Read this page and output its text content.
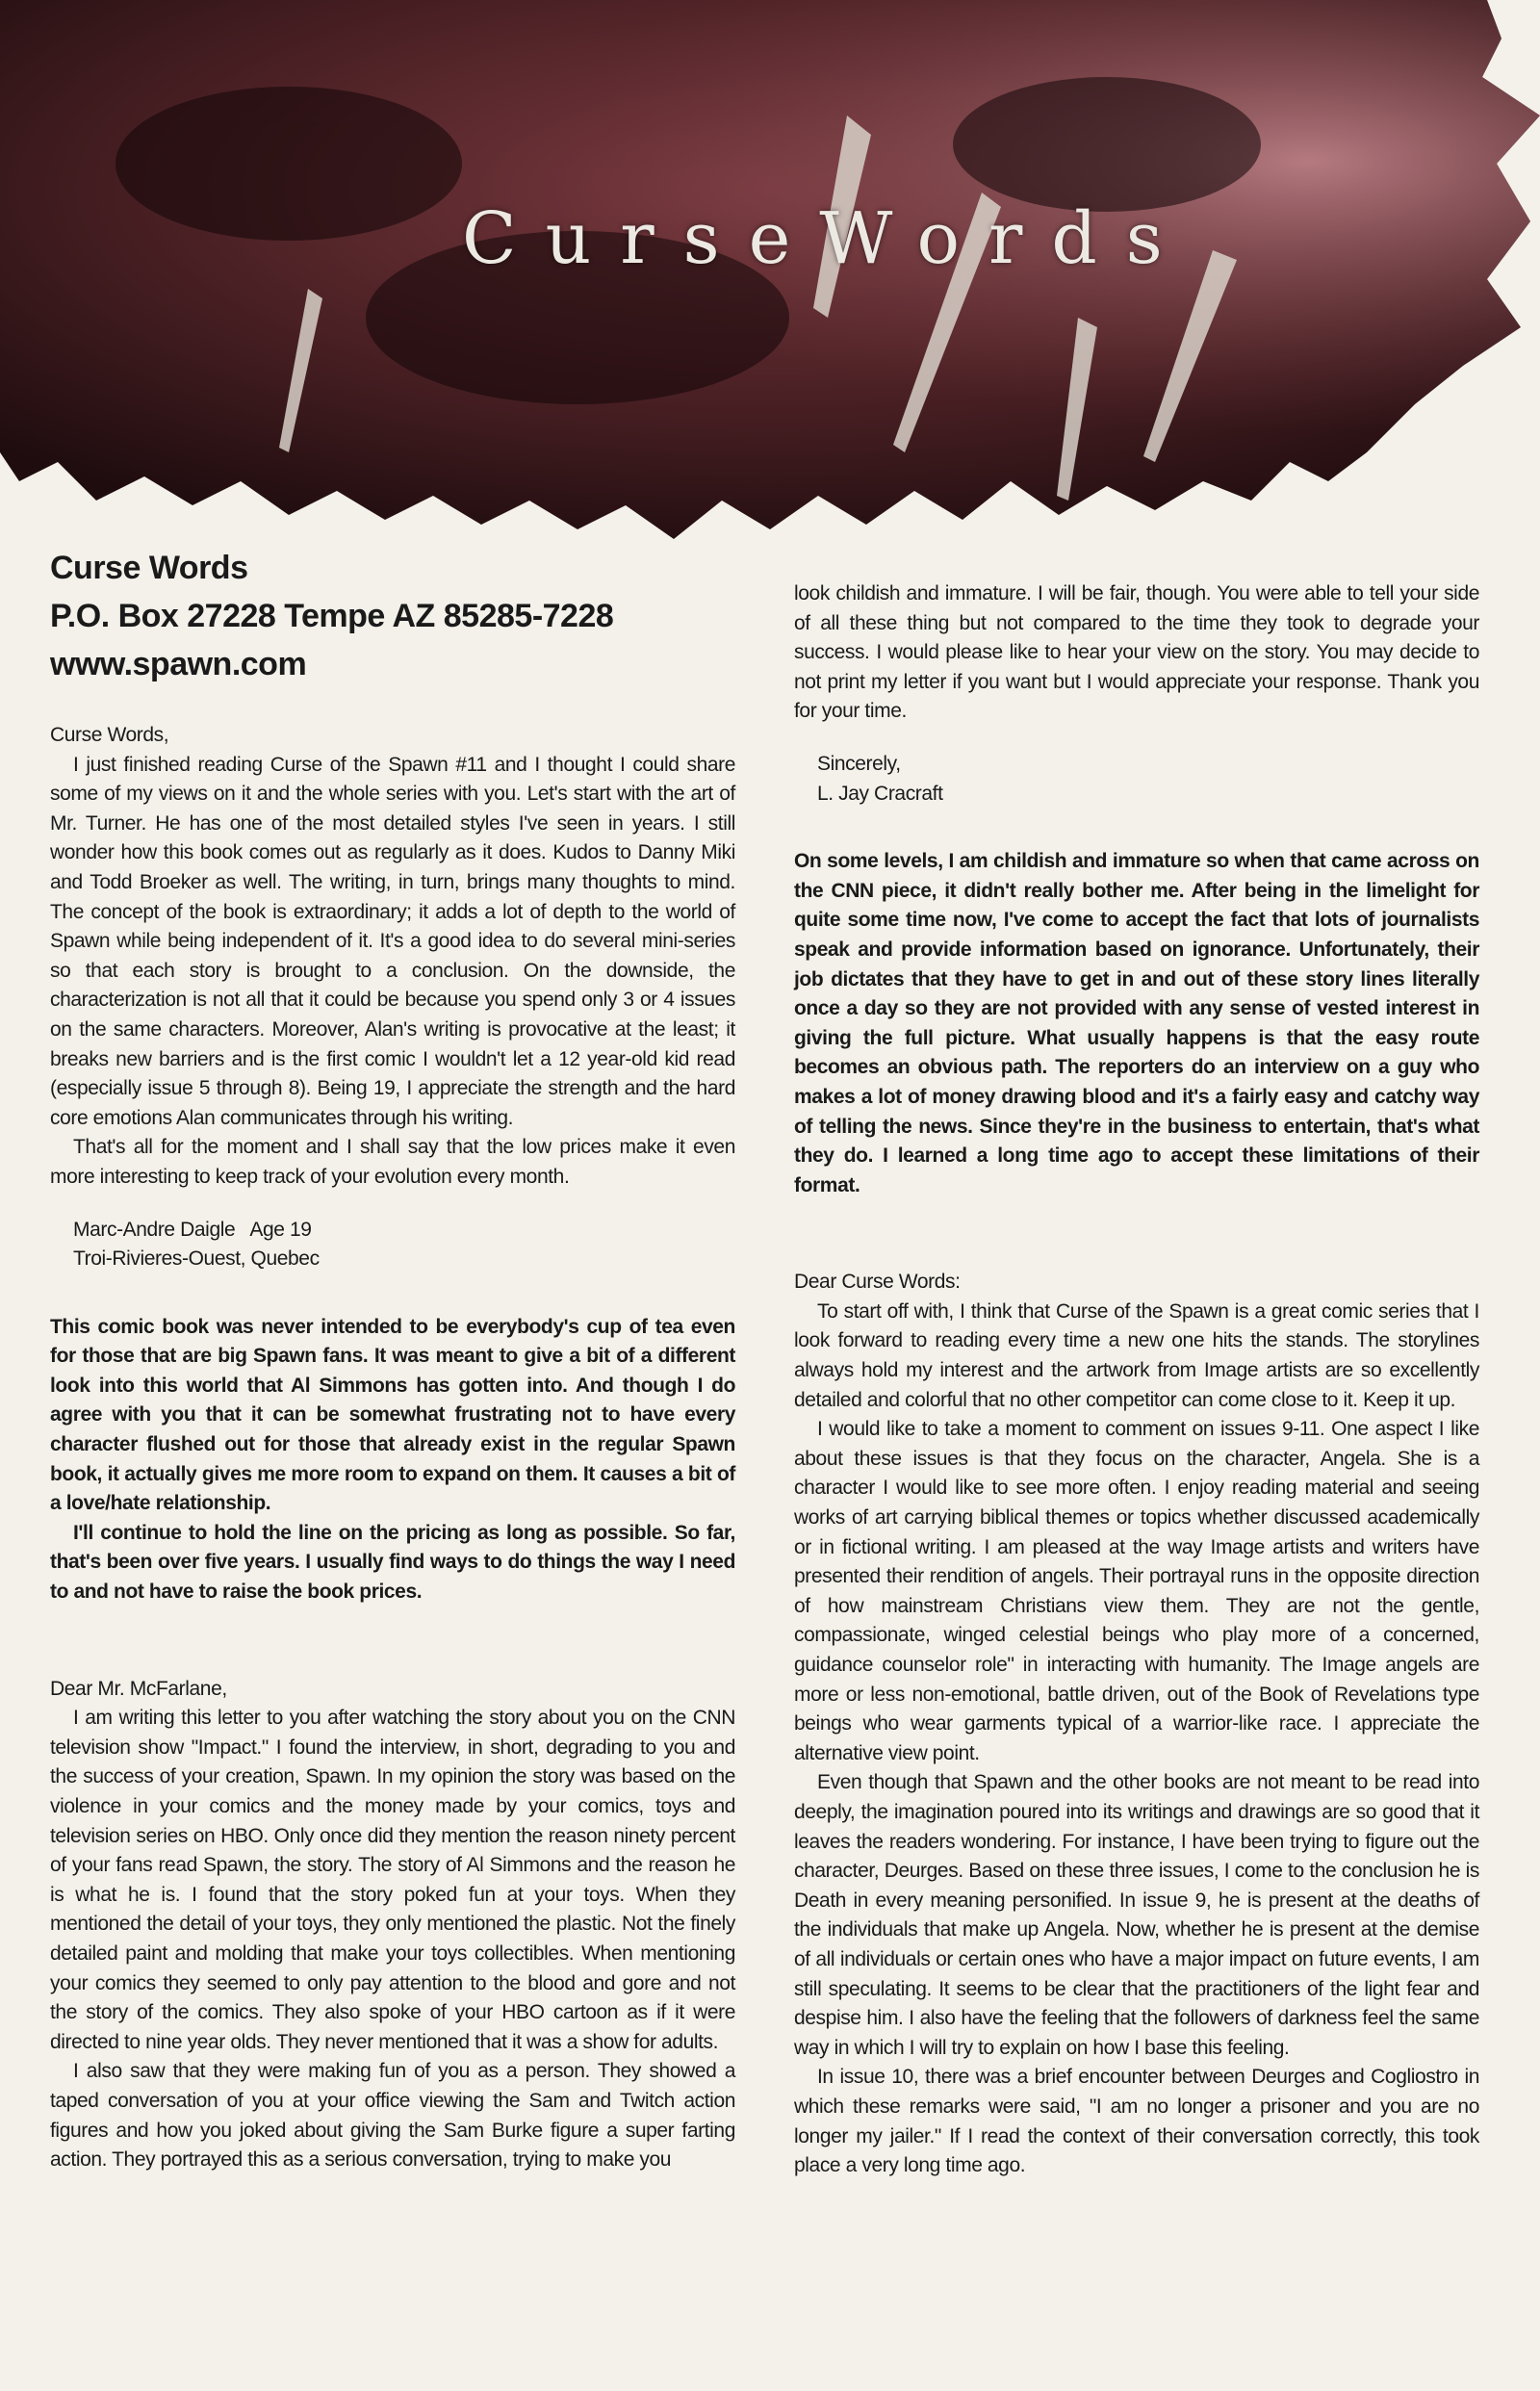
CurseWords
Curse Words
P.O. Box 27228 Tempe AZ 85285-7228
www.spawn.com

Curse Words,

I just finished reading Curse of the Spawn #11 and I thought I could share some of my views on it and the whole series with you. Let's start with the art of Mr. Turner. He has one of the most detailed styles I've seen in years. I still wonder how this book comes out as regularly as it does. Kudos to Danny Miki and Todd Broeker as well. The writing, in turn, brings many thoughts to mind. The concept of the book is extraordinary; it adds a lot of depth to the world of Spawn while being independent of it. It's a good idea to do several mini-series so that each story is brought to a conclusion. On the downside, the characterization is not all that it could be because you spend only 3 or 4 issues on the same characters. Moreover, Alan's writing is provocative at the least; it breaks new barriers and is the first comic I wouldn't let a 12 year-old kid read (especially issue 5 through 8). Being 19, I appreciate the strength and the hard core emotions Alan communicates through his writing.

That's all for the moment and I shall say that the low prices make it even more interesting to keep track of your evolution every month.

Marc-Andre Daigle   Age 19

Troi-Rivieres-Ouest, Quebec

This comic book was never intended to be everybody's cup of tea even for those that are big Spawn fans. It was meant to give a bit of a different look into this world that Al Simmons has gotten into. And though I do agree with you that it can be somewhat frustrating not to have every character flushed out for those that already exist in the regular Spawn book, it actually gives me more room to expand on them. It causes a bit of a love/hate relationship.

I'll continue to hold the line on the pricing as long as possible. So far, that's been over five years. I usually find ways to do things the way I need to and not have to raise the book prices.

Dear Mr. McFarlane,

I am writing this letter to you after watching the story about you on the CNN television show "Impact." I found the interview, in short, degrading to you and the success of your creation, Spawn. In my opinion the story was based on the violence in your comics and the money made by your comics, toys and television series on HBO. Only once did they mention the reason ninety percent of your fans read Spawn, the story. The story of Al Simmons and the reason he is what he is. I found that the story poked fun at your toys. When they mentioned the detail of your toys, they only mentioned the plastic. Not the finely detailed paint and molding that make your toys collectibles. When mentioning your comics they seemed to only pay attention to the blood and gore and not the story of the comics. They also spoke of your HBO cartoon as if it were directed to nine year olds. They never mentioned that it was a show for adults.

I also saw that they were making fun of you as a person. They showed a taped conversation of you at your office viewing the Sam and Twitch action figures and how you joked about giving the Sam Burke figure a super farting action. They portrayed this as a serious conversation, trying to make you

look childish and immature. I will be fair, though. You were able to tell your side of all these thing but not compared to the time they took to degrade your success. I would please like to hear your view on the story. You may decide to not print my letter if you want but I would appreciate your response. Thank you for your time.

Sincerely,

L. Jay Cracraft

On some levels, I am childish and immature so when that came across on the CNN piece, it didn't really bother me. After being in the limelight for quite some time now, I've come to accept the fact that lots of journalists speak and provide information based on ignorance. Unfortunately, their job dictates that they have to get in and out of these story lines literally once a day so they are not provided with any sense of vested interest in giving the full picture. What usually happens is that the easy route becomes an obvious path. The reporters do an interview on a guy who makes a lot of money drawing blood and it's a fairly easy and catchy way of telling the news. Since they're in the business to entertain, that's what they do. I learned a long time ago to accept these limitations of their format.

Dear Curse Words:

To start off with, I think that Curse of the Spawn is a great comic series that I look forward to reading every time a new one hits the stands. The storylines always hold my interest and the artwork from Image artists are so excellently detailed and colorful that no other competitor can come close to it. Keep it up.

I would like to take a moment to comment on issues 9-11. One aspect I like about these issues is that they focus on the character, Angela. She is a character I would like to see more often. I enjoy reading material and seeing works of art carrying biblical themes or topics whether discussed academically or in fictional writing. I am pleased at the way Image artists and writers have presented their rendition of angels. Their portrayal runs in the opposite direction of how mainstream Christians view them. They are not the gentle, compassionate, winged celestial beings who play more of a concerned, guidance counselor role" in interacting with humanity. The Image angels are more or less non-emotional, battle driven, out of the Book of Revelations type beings who wear garments typical of a warrior-like race. I appreciate the alternative view point.

Even though that Spawn and the other books are not meant to be read into deeply, the imagination poured into its writings and drawings are so good that it leaves the readers wondering. For instance, I have been trying to figure out the character, Deurges. Based on these three issues, I come to the conclusion he is Death in every meaning personified. In issue 9, he is present at the deaths of the individuals that make up Angela. Now, whether he is present at the demise of all individuals or certain ones who have a major impact on future events, I am still speculating. It seems to be clear that the practitioners of the light fear and despise him. I also have the feeling that the followers of darkness feel the same way in which I will try to explain on how I base this feeling.

In issue 10, there was a brief encounter between Deurges and Cogliostro in which these remarks were said, "I am no longer a prisoner and you are no longer my jailer." If I read the context of their conversation correctly, this took place a very long time ago.
